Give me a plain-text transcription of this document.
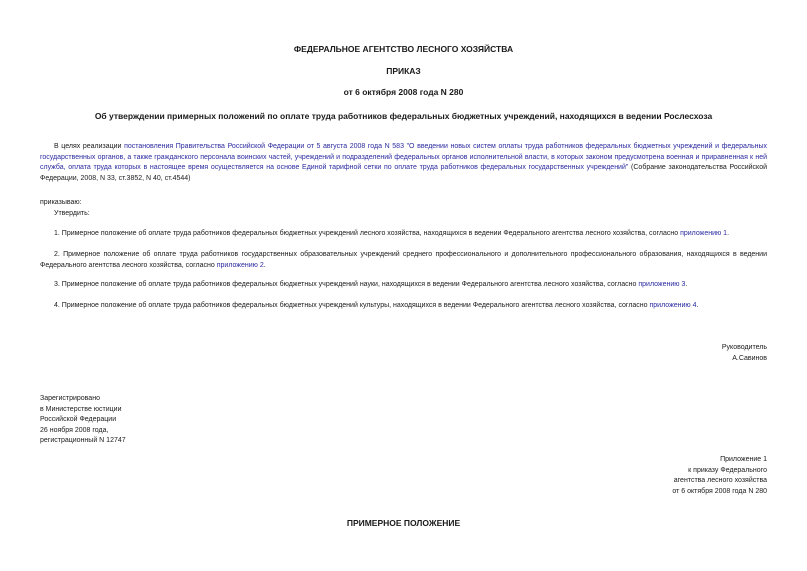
ФЕДЕРАЛЬНОЕ АГЕНТСТВО ЛЕСНОГО ХОЗЯЙСТВА
ПРИКАЗ
от 6 октября 2008 года N 280
Об утверждении примерных положений по оплате труда работников федеральных бюджетных учреждений, находящихся в ведении Рослесхоза
В целях реализации постановления Правительства Российской Федерации от 5 августа 2008 года N 583 "О введении новых систем оплаты труда работников федеральных бюджетных учреждений и федеральных государственных органов, а также гражданского персонала воинских частей, учреждений и подразделений федеральных органов исполнительной власти, в которых законом предусмотрена военная и приравненная к ней служба, оплата труда которых в настоящее время осуществляется на основе Единой тарифной сетки по оплате труда работников федеральных государственных учреждений" (Собрание законодательства Российской Федерации, 2008, N 33, ст.3852, N 40, ст.4544)
приказываю:
Утвердить:
1. Примерное положение об оплате труда работников федеральных бюджетных учреждений лесного хозяйства, находящихся в ведении Федерального агентства лесного хозяйства, согласно приложению 1.
2. Примерное положение об оплате труда работников государственных образовательных учреждений среднего профессионального и дополнительного профессионального образования, находящихся в ведении Федерального агентства лесного хозяйства, согласно приложению 2.
3. Примерное положение об оплате труда работников федеральных бюджетных учреждений науки, находящихся в ведении Федерального агентства лесного хозяйства, согласно приложению 3.
4. Примерное положение об оплате труда работников федеральных бюджетных учреждений культуры, находящихся в ведении Федерального агентства лесного хозяйства, согласно приложению 4.
Руководитель
А.Савинов
Зарегистрировано
в Министерстве юстиции
Российской Федерации
26 ноября 2008 года,
регистрационный N 12747
Приложение 1
к приказу Федерального
агентства лесного хозяйства
от 6 октября 2008 года N 280
ПРИМЕРНОЕ ПОЛОЖЕНИЕ
